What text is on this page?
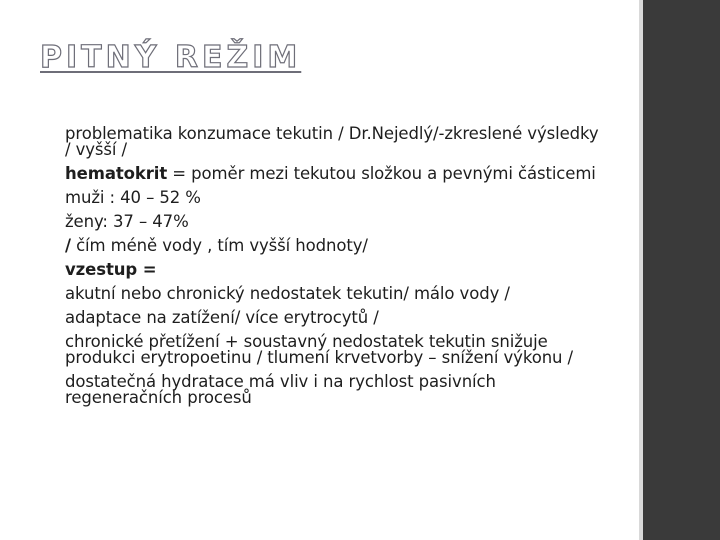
PITNÝ REŽIM
problematika konzumace tekutin / Dr.Nejedlý/-zkreslené výsledky / vyšší /
hematokrit = poměr mezi tekutou složkou a pevnými částicemi
muži : 40 – 52 %
ženy: 37 – 47%
/ čím méně vody , tím vyšší hodnoty/
vzestup =
akutní nebo chronický nedostatek tekutin/ málo vody /
adaptace na zatížení/ více erytrocytů /
chronické přetížení + soustavný nedostatek tekutin snižuje produkci erytropoetinu / tlumení krvetvorby – snížení výkonu /
dostatečná hydratace má vliv i na rychlost pasivních regeneračních procesů
